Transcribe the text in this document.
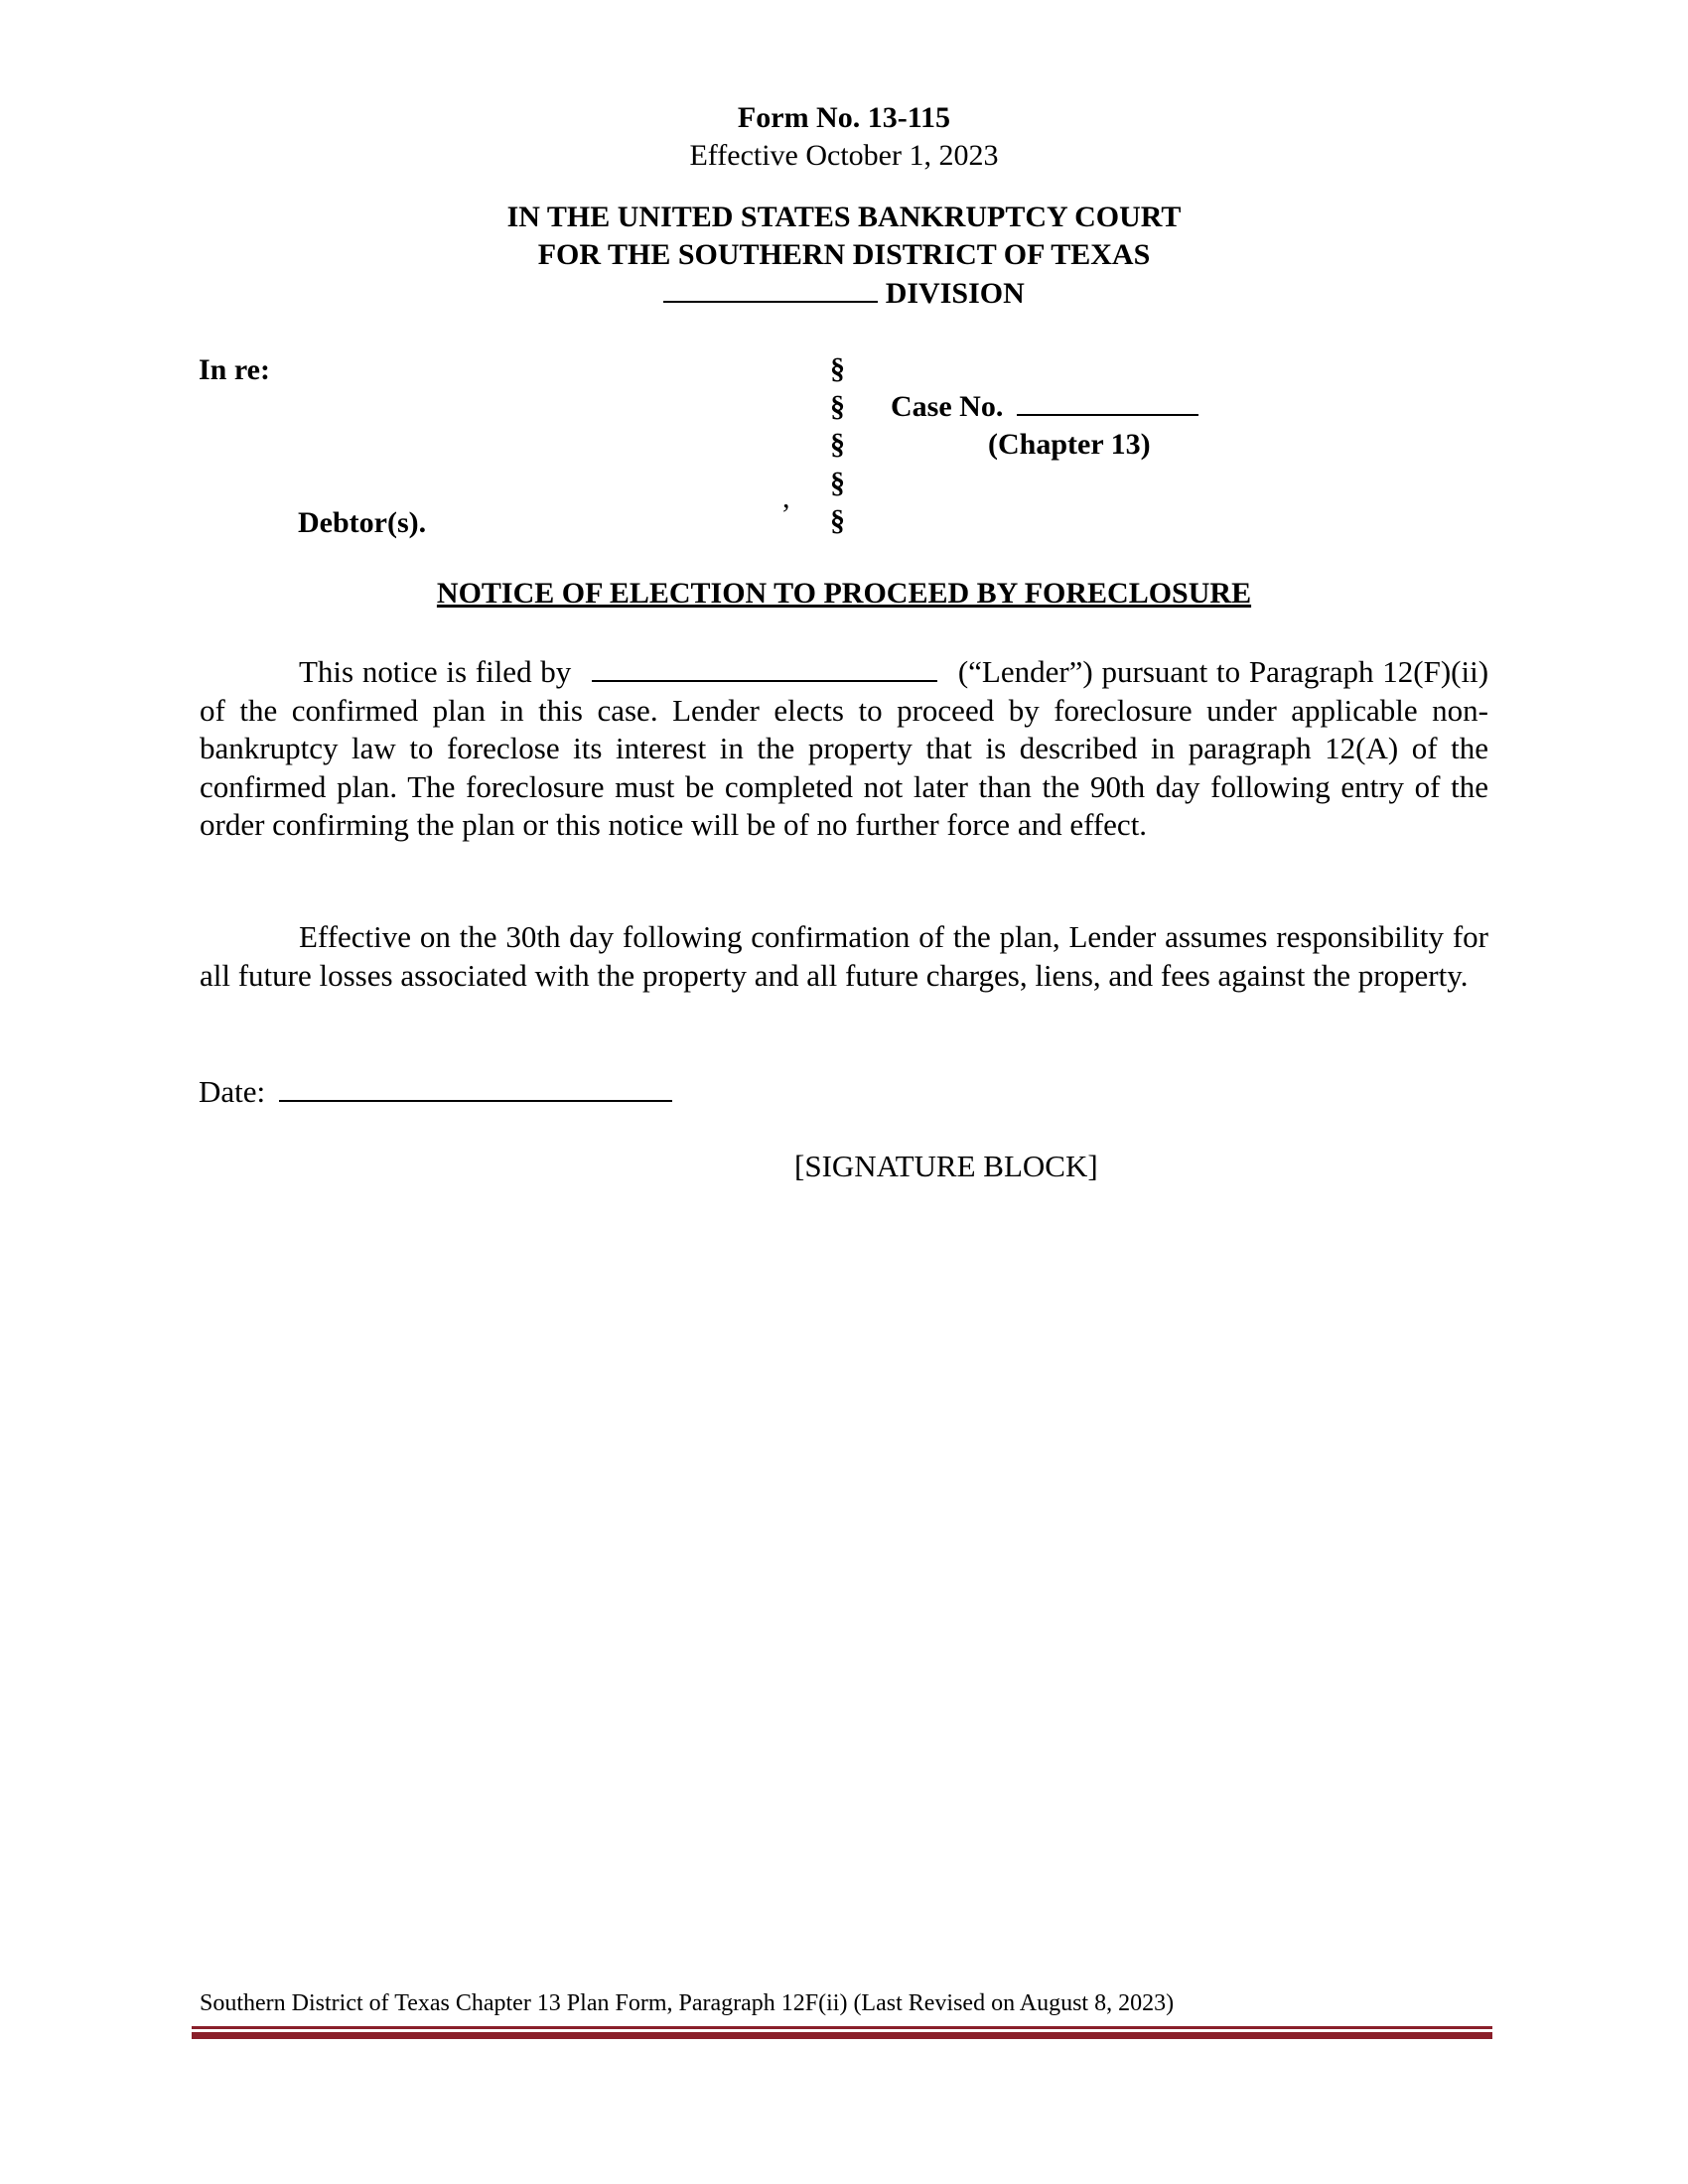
Form No. 13-115
Effective October 1, 2023
IN THE UNITED STATES BANKRUPTCY COURT
FOR THE SOUTHERN DISTRICT OF TEXAS
DIVISION
In re:
Debtor(s).
,
§
§
§
§
§
Case No.
(Chapter 13)
NOTICE OF ELECTION TO PROCEED BY FORECLOSURE
This notice is filed by	(“Lender”) pursuant to Paragraph 12(F)(ii) of the confirmed plan in this case. Lender elects to proceed by foreclosure under applicable non-bankruptcy law to foreclose its interest in the property that is described in paragraph 12(A) of the confirmed plan. The foreclosure must be completed not later than the 90th day following entry of the order confirming the plan or this notice will be of no further force and effect.
Effective on the 30th day following confirmation of the plan, Lender assumes responsibility for all future losses associated with the property and all future charges, liens, and fees against the property.
Date:
[SIGNATURE BLOCK]
Southern District of Texas Chapter 13 Plan Form, Paragraph 12F(ii) (Last Revised on August 8, 2023)
